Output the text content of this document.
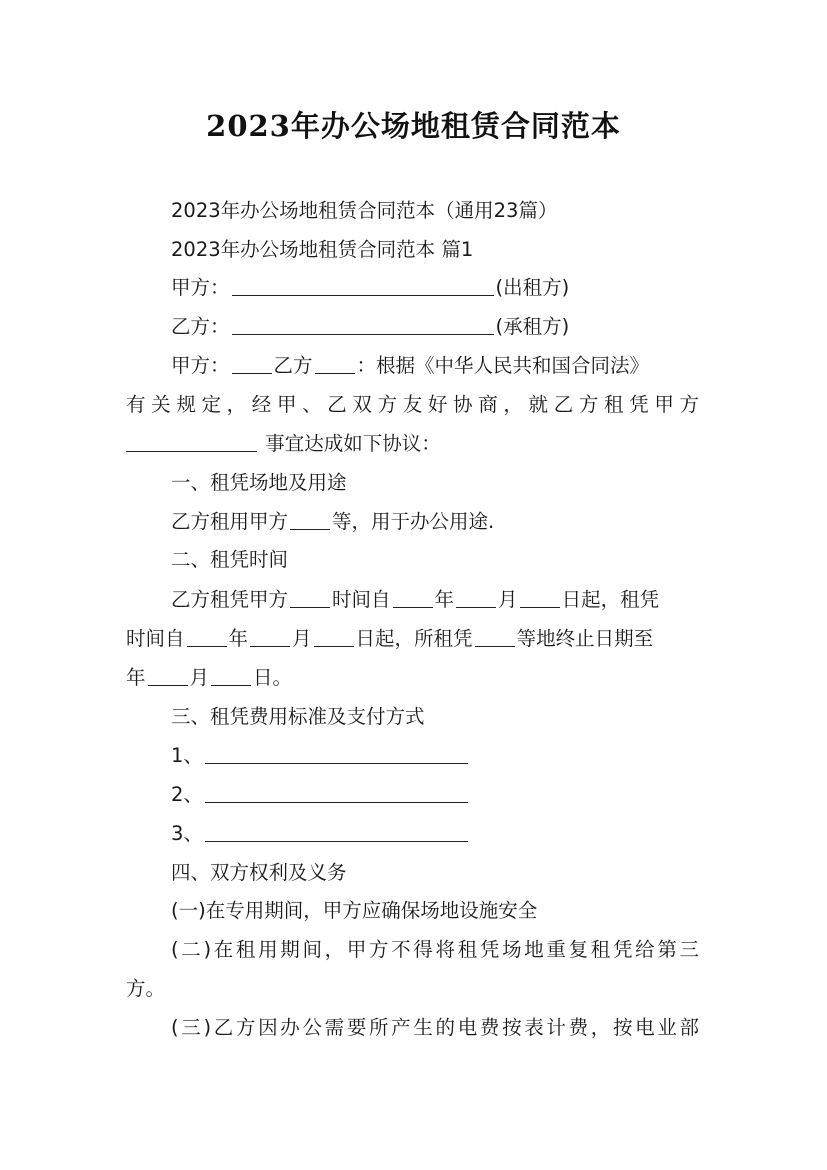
2023年办公场地租赁合同范本
2023年办公场地租赁合同范本（通用23篇）
2023年办公场地租赁合同范本 篇1
甲方：	(出租方)
乙方：	(承租方)
甲方： 乙方 ：根据《中华人民共和国合同法》
有关规定，经甲、乙双方友好协商，就乙方租凭甲方
事宜达成如下协议：
一、租凭场地及用途
乙方租用甲方 等，用于办公用途.
二、租凭时间
乙方租凭甲方 时间自 年 月 日起，租凭
时间自 年 月 日起，所租凭 等地终止日期至
年 月 日。
三、租凭费用标准及支付方式
1、
2、
3、
四、双方权利及义务
(一)在专用期间，甲方应确保场地设施安全
(二)在租用期间，甲方不得将租凭场地重复租凭给第三
方。
(三)乙方因办公需要所产生的电费按表计费，按电业部
